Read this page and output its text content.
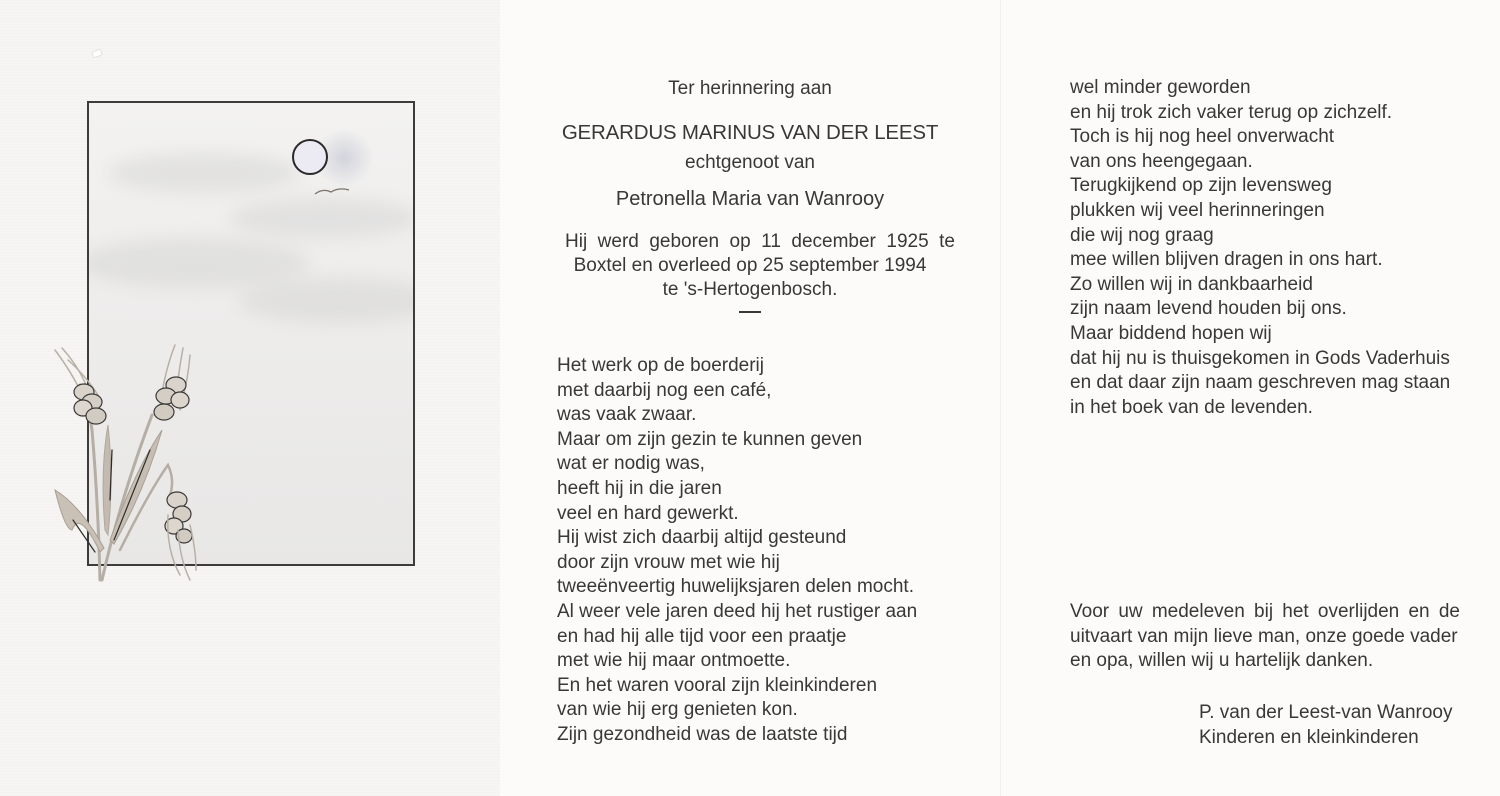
Ter herinnering aan
GERARDUS MARINUS VAN DER LEEST
echtgenoot van
Petronella Maria van Wanrooy
Hij werd geboren op 11 december 1925 te
Boxtel en overleed op 25 september 1994
te 's-Hertogenbosch.
Het werk op de boerderij
met daarbij nog een café,
was vaak zwaar.
Maar om zijn gezin te kunnen geven
wat er nodig was,
heeft hij in die jaren
veel en hard gewerkt.
Hij wist zich daarbij altijd gesteund
door zijn vrouw met wie hij
tweeënveertig huwelijksjaren delen mocht.
Al weer vele jaren deed hij het rustiger aan
en had hij alle tijd voor een praatje
met wie hij maar ontmoette.
En het waren vooral zijn kleinkinderen
van wie hij erg genieten kon.
Zijn gezondheid was de laatste tijd
wel minder geworden
en hij trok zich vaker terug op zichzelf.
Toch is hij nog heel onverwacht
van ons heengegaan.
Terugkijkend op zijn levensweg
plukken wij veel herinneringen
die wij nog graag
mee willen blijven dragen in ons hart.
Zo willen wij in dankbaarheid
zijn naam levend houden bij ons.
Maar biddend hopen wij
dat hij nu is thuisgekomen in Gods Vaderhuis
en dat daar zijn naam geschreven mag staan
in het boek van de levenden.
Voor uw medeleven bij het overlijden en de
uitvaart van mijn lieve man, onze goede vader
en opa, willen wij u hartelijk danken.
P. van der Leest-van Wanrooy
Kinderen en kleinkinderen
